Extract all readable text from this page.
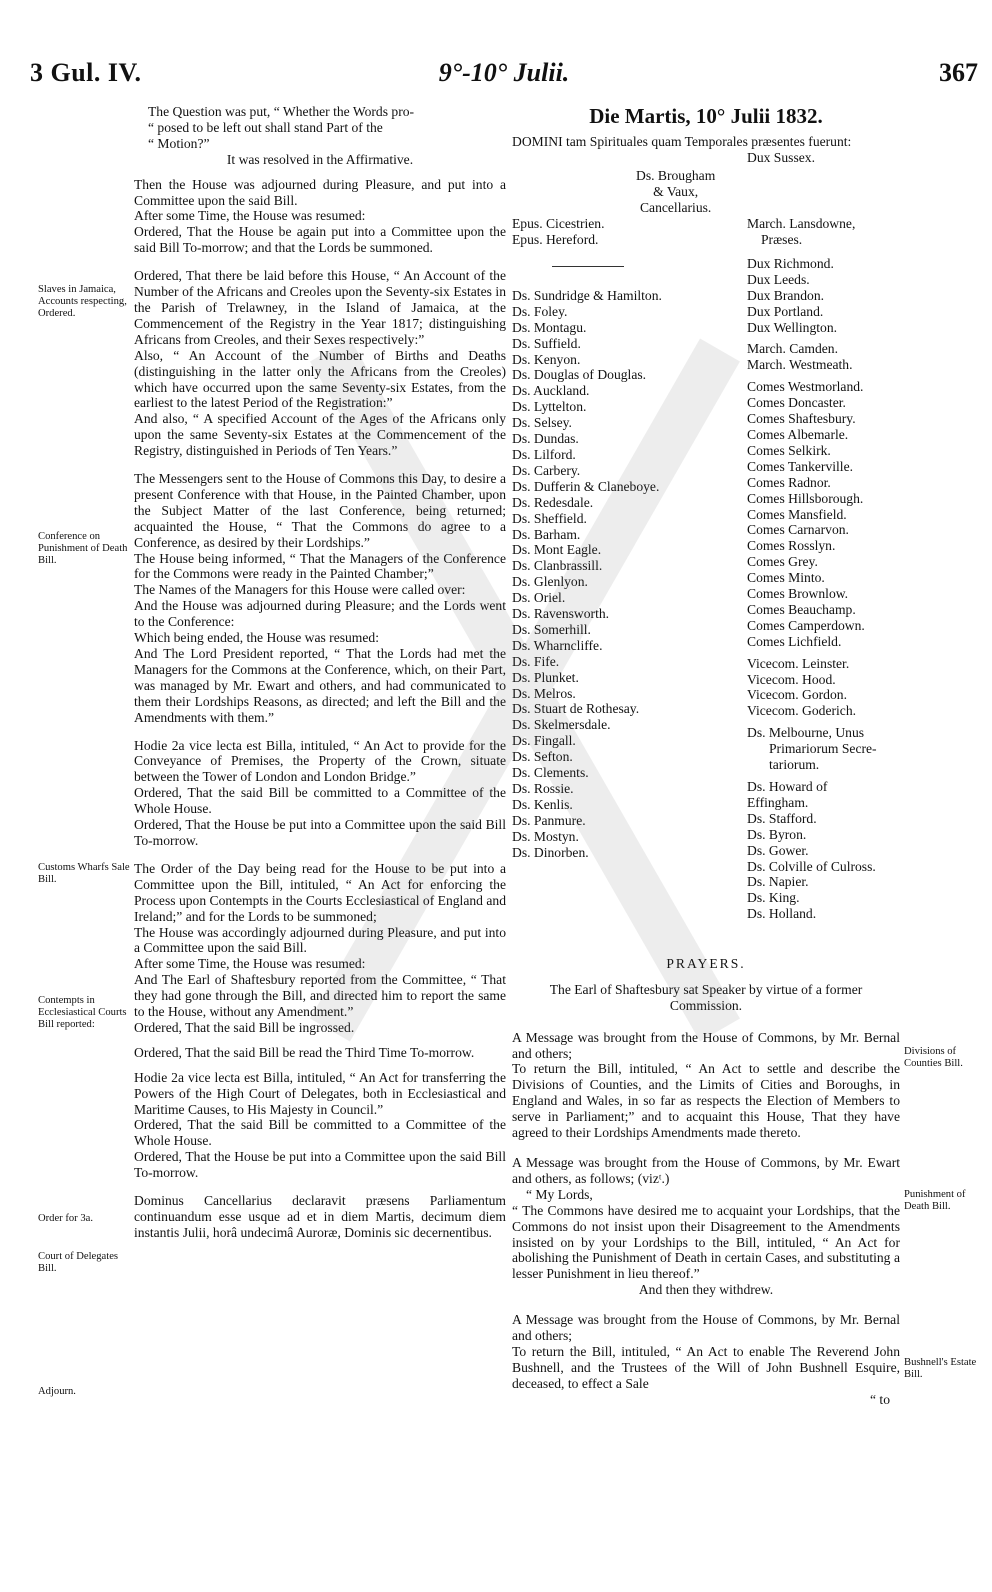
3 Gul. IV.	9°-10° Julii.	367
Slaves in Jamaica, Accounts respecting, Ordered.
Conference on Punishment of Death Bill.
Customs Wharfs Sale Bill.
Contempts in Ecclesiastical Courts Bill reported:
Order for 3a.
Court of Delegates Bill.
Adjourn.
Divisions of Counties Bill.
Punishment of Death Bill.
Bushnell's Estate Bill.
The Question was put, “ Whether the Words pro-
“ posed to be left out shall stand Part of the
“ Motion?”
It was resolved in the Affirmative.

Then the House was adjourned during Pleasure, and put into a Committee upon the said Bill.

After some Time, the House was resumed:

Ordered, That the House be again put into a Committee upon the said Bill To-morrow; and that the Lords be summoned.

Ordered, That there be laid before this House, “ An Account of the Number of the Africans and Creoles upon the Seventy-six Estates in the Parish of Trelawney, in the Island of Jamaica, at the Commencement of the Registry in the Year 1817; distinguishing Africans from Creoles, and their Sexes respectively:”

Also, “ An Account of the Number of Births and Deaths (distinguishing in the latter only the Africans from the Creoles) which have occurred upon the same Seventy-six Estates, from the earliest to the latest Period of the Registration:”

And also, “ A specified Account of the Ages of the Africans only upon the same Seventy-six Estates at the Commencement of the Registry, distinguished in Periods of Ten Years.”

The Messengers sent to the House of Commons this Day, to desire a present Conference with that House, in the Painted Chamber, upon the Subject Matter of the last Conference, being returned; acquainted the House, “ That the Commons do agree to a Conference, as desired by their Lordships.”

The House being informed, “ That the Managers of the Conference for the Commons were ready in the Painted Chamber;”

The Names of the Managers for this House were called over:

And the House was adjourned during Pleasure; and the Lords went to the Conference:

Which being ended, the House was resumed:

And The Lord President reported, “ That the Lords had met the Managers for the Commons at the Conference, which, on their Part, was managed by Mr. Ewart and others, and had communicated to them their Lordships Reasons, as directed; and left the Bill and the Amendments with them.”

Hodie 2a vice lecta est Billa, intituled, “ An Act to provide for the Conveyance of Premises, the Property of the Crown, situate between the Tower of London and London Bridge.”

Ordered, That the said Bill be committed to a Committee of the Whole House.

Ordered, That the House be put into a Committee upon the said Bill To-morrow.

The Order of the Day being read for the House to be put into a Committee upon the Bill, intituled, “ An Act for enforcing the Process upon Contempts in the Courts Ecclesiastical of England and Ireland;” and for the Lords to be summoned;

The House was accordingly adjourned during Pleasure, and put into a Committee upon the said Bill.

After some Time, the House was resumed:

And The Earl of Shaftesbury reported from the Committee, “ That they had gone through the Bill, and directed him to report the same to the House, without any Amendment.”

Ordered, That the said Bill be ingrossed.

Ordered, That the said Bill be read the Third Time To-morrow.

Hodie 2a vice lecta est Billa, intituled, “ An Act for transferring the Powers of the High Court of Delegates, both in Ecclesiastical and Maritime Causes, to His Majesty in Council.”

Ordered, That the said Bill be committed to a Committee of the Whole House.

Ordered, That the House be put into a Committee upon the said Bill To-morrow.

Dominus Cancellarius declaravit præsens Parliamentum continuandum esse usque ad et in diem Martis, decimum diem instantis Julii, horâ undecimâ Auroræ, Dominis sic decernentibus.

Die Martis, 10° Julii 1832.

DOMINI tam Spirituales quam Temporales præsentes fuerunt:

Ds. Brougham
& Vaux,
Cancellarius.
Dux Sussex.
Epus. Cicestrien.
Epus. Hereford.
March. Lansdowne,
Præses.
Ds. Sundridge & Hamilton.
Ds. Foley.
Ds. Montagu.
Ds. Suffield.
Ds. Kenyon.
Ds. Douglas of Douglas.
Ds. Auckland.
Ds. Lyttelton.
Ds. Selsey.
Ds. Dundas.
Ds. Lilford.
Ds. Carbery.
Ds. Dufferin & Claneboye.
Ds. Redesdale.
Ds. Sheffield.
Ds. Barham.
Ds. Mont Eagle.
Ds. Clanbrassill.
Ds. Glenlyon.
Ds. Oriel.
Ds. Ravensworth.
Ds. Somerhill.
Ds. Wharncliffe.
Ds. Fife.
Ds. Plunket.
Ds. Melros.
Ds. Stuart de Rothesay.
Ds. Skelmersdale.
Ds. Fingall.
Ds. Sefton.
Ds. Clements.
Ds. Rossie.
Ds. Kenlis.
Ds. Panmure.
Ds. Mostyn.
Ds. Dinorben.
Dux Richmond.
Dux Leeds.
Dux Brandon.
Dux Portland.
Dux Wellington.
March. Camden.
March. Westmeath.
Comes Westmorland.
Comes Doncaster.
Comes Shaftesbury.
Comes Albemarle.
Comes Selkirk.
Comes Tankerville.
Comes Radnor.
Comes Hillsborough.
Comes Mansfield.
Comes Carnarvon.
Comes Rosslyn.
Comes Grey.
Comes Minto.
Comes Brownlow.
Comes Beauchamp.
Comes Camperdown.
Comes Lichfield.
Vicecom. Leinster.
Vicecom. Hood.
Vicecom. Gordon.
Vicecom. Goderich.
Ds. Melbourne, Unus
Primariorum Secre-
tariorum.
Ds. Howard of
Effingham.
Ds. Stafford.
Ds. Byron.
Ds. Gower.
Ds. Colville of Culross.
Ds. Napier.
Ds. King.
Ds. Holland.
PRAYERS.

The Earl of Shaftesbury sat Speaker by virtue of a former Commission.

A Message was brought from the House of Commons, by Mr. Bernal and others;

To return the Bill, intituled, “ An Act to settle and describe the Divisions of Counties, and the Limits of Cities and Boroughs, in England and Wales, in so far as respects the Election of Members to serve in Parliament;” and to acquaint this House, That they have agreed to their Lordships Amendments made thereto.

A Message was brought from the House of Commons, by Mr. Ewart and others, as follows; (vizᵗ.)

“ My Lords,

“ The Commons have desired me to acquaint your Lordships, that the Commons do not insist upon their Disagreement to the Amendments insisted on by your Lordships to the Bill, intituled, “ An Act for abolishing the Punishment of Death in certain Cases, and substituting a lesser Punishment in lieu thereof.”

And then they withdrew.

A Message was brought from the House of Commons, by Mr. Bernal and others;

To return the Bill, intituled, “ An Act to enable The Reverend John Bushnell, and the Trustees of the Will of John Bushnell Esquire, deceased, to effect a Sale

“ to
